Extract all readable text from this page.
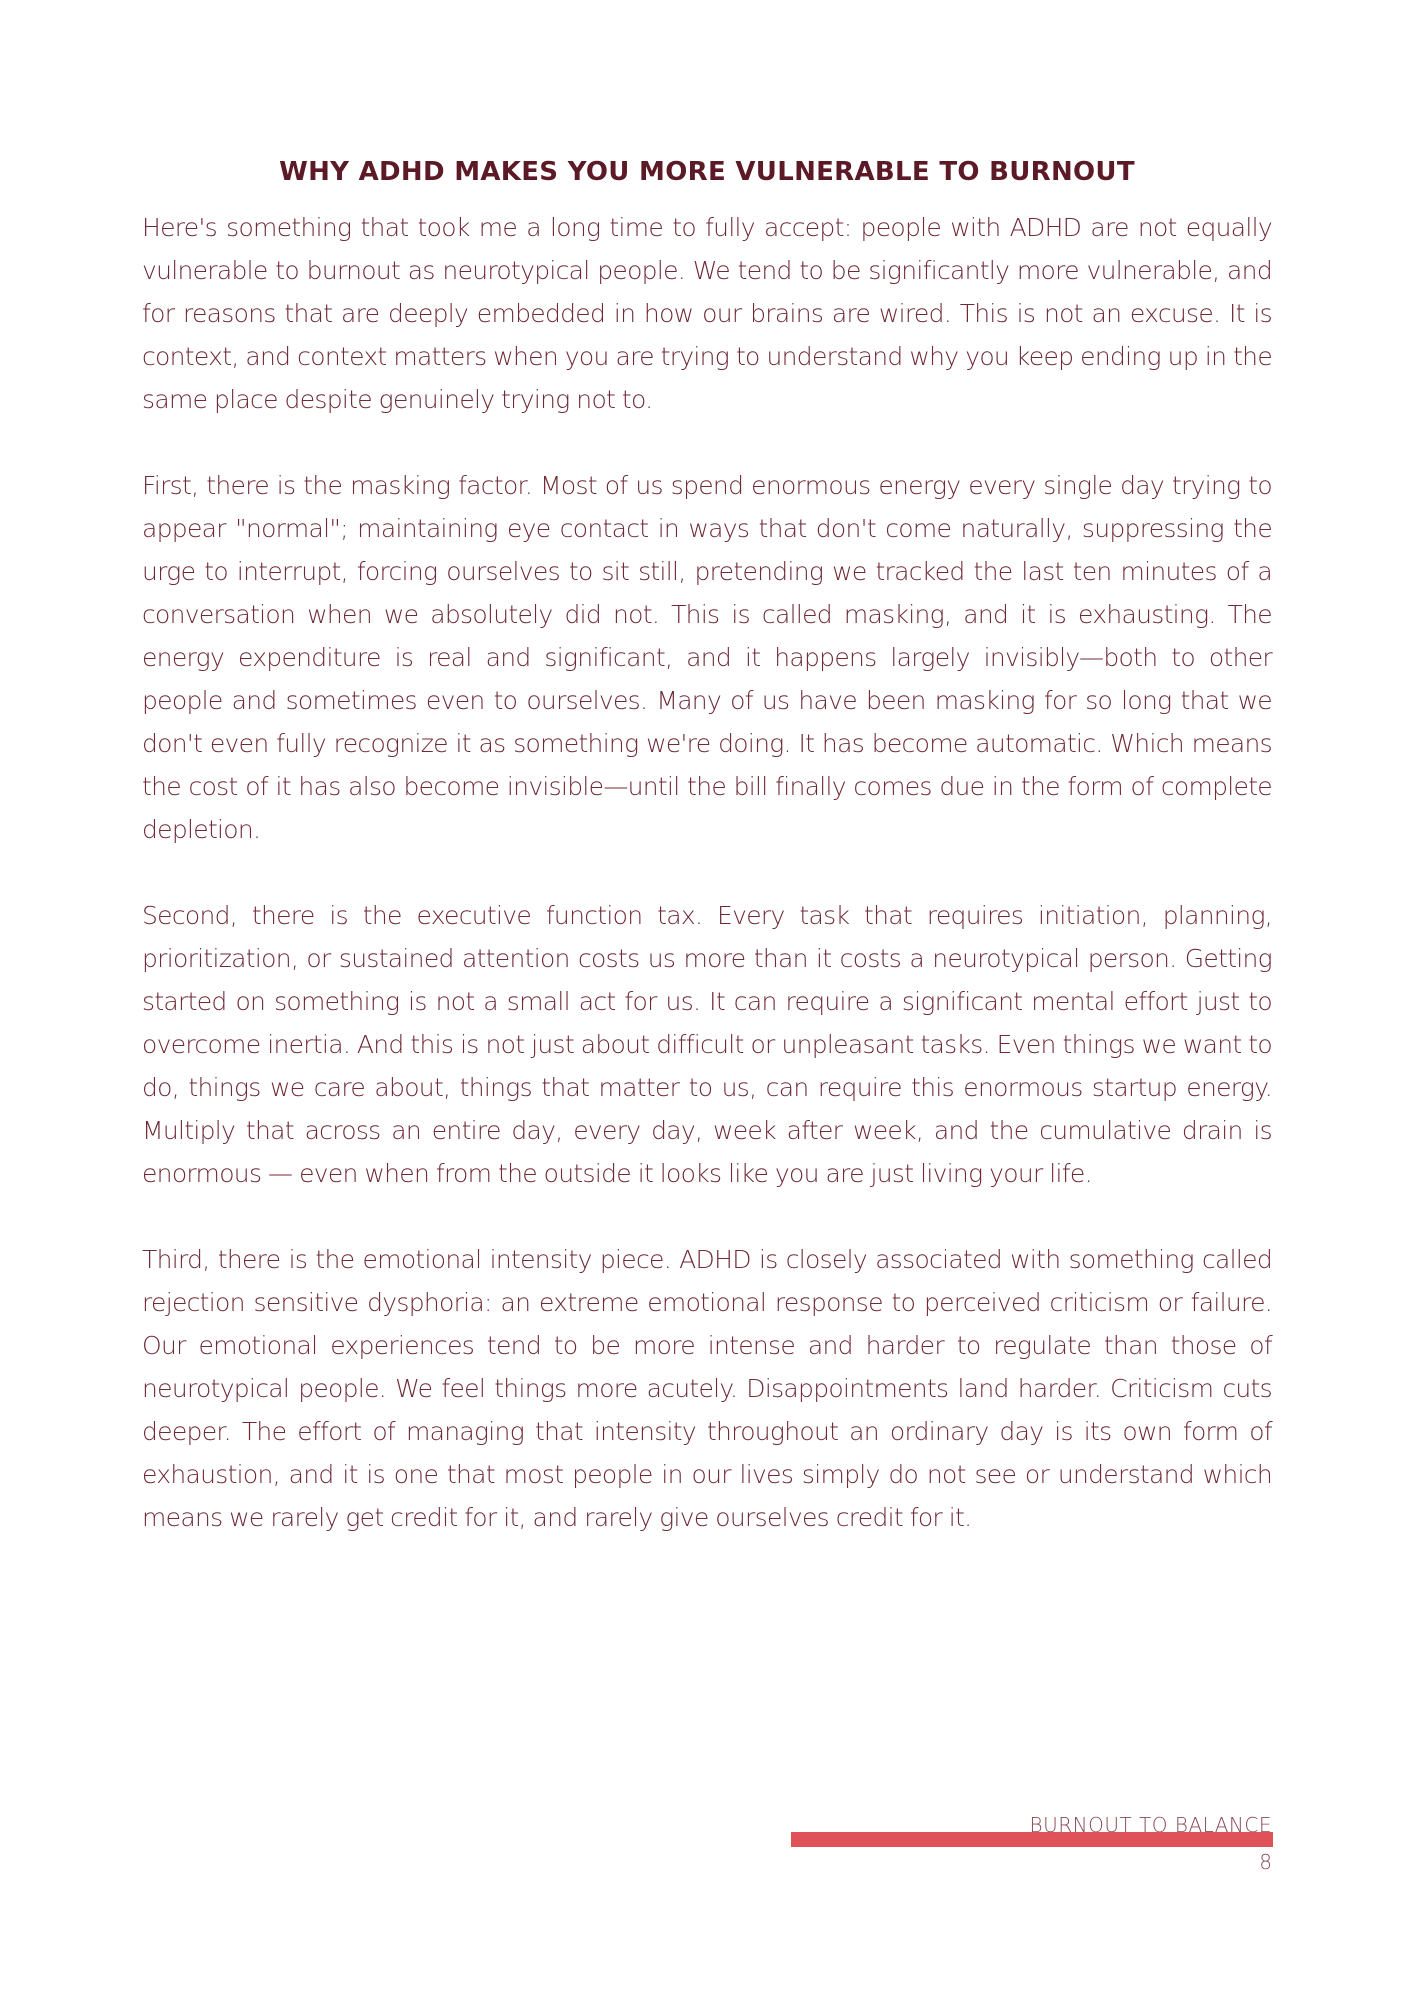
WHY ADHD MAKES YOU MORE VULNERABLE TO BURNOUT

Here's something that took me a long time to fully accept: people with ADHD are not equally vulnerable to burnout as neurotypical people. We tend to be significantly more vulnerable, and for reasons that are deeply embedded in how our brains are wired. This is not an excuse. It is context, and context matters when you are trying to understand why you keep ending up in the same place despite genuinely trying not to.

First, there is the masking factor. Most of us spend enormous energy every single day trying to appear "normal"; maintaining eye contact in ways that don't come naturally, suppressing the urge to interrupt, forcing ourselves to sit still, pretending we tracked the last ten minutes of a conversation when we absolutely did not. This is called masking, and it is exhausting. The energy expenditure is real and significant, and it happens largely invisibly—both to other people and sometimes even to ourselves. Many of us have been masking for so long that we don't even fully recognize it as something we're doing. It has become automatic. Which means the cost of it has also become invisible—until the bill finally comes due in the form of complete depletion.

Second, there is the executive function tax. Every task that requires initiation, planning, prioritization, or sustained attention costs us more than it costs a neurotypical person. Getting started on something is not a small act for us. It can require a significant mental effort just to overcome inertia. And this is not just about difficult or unpleasant tasks. Even things we want to do, things we care about, things that matter to us, can require this enormous startup energy. Multiply that across an entire day, every day, week after week, and the cumulative drain is enormous — even when from the outside it looks like you are just living your life.

Third, there is the emotional intensity piece. ADHD is closely associated with something called rejection sensitive dysphoria: an extreme emotional response to perceived criticism or failure. Our emotional experiences tend to be more intense and harder to regulate than those of neurotypical people. We feel things more acutely. Disappointments land harder. Criticism cuts deeper. The effort of managing that intensity throughout an ordinary day is its own form of exhaustion, and it is one that most people in our lives simply do not see or understand which means we rarely get credit for it, and rarely give ourselves credit for it.

BURNOUT TO BALANCE
8
